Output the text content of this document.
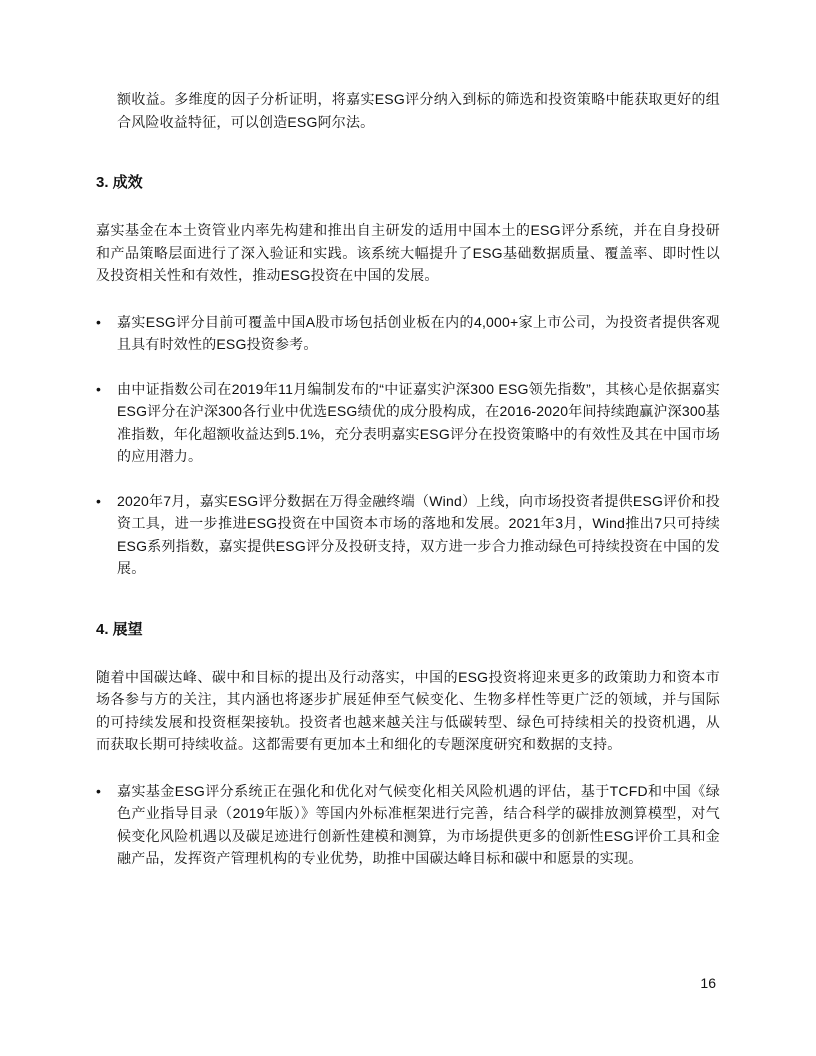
额收益。多维度的因子分析证明，将嘉实ESG评分纳入到标的筛选和投资策略中能获取更好的组合风险收益特征，可以创造ESG阿尔法。

3. 成效

嘉实基金在本土资管业内率先构建和推出自主研发的适用中国本土的ESG评分系统，并在自身投研和产品策略层面进行了深入验证和实践。该系统大幅提升了ESG基础数据质量、覆盖率、即时性以及投资相关性和有效性，推动ESG投资在中国的发展。

•	嘉实ESG评分目前可覆盖中国A股市场包括创业板在内的4,000+家上市公司，为投资者提供客观且具有时效性的ESG投资参考。
•	由中证指数公司在2019年11月编制发布的“中证嘉实沪深300 ESG领先指数”，其核心是依据嘉实ESG评分在沪深300各行业中优选ESG绩优的成分股构成，在2016-2020年间持续跑赢沪深300基准指数，年化超额收益达到5.1%，充分表明嘉实ESG评分在投资策略中的有效性及其在中国市场的应用潜力。
•	2020年7月，嘉实ESG评分数据在万得金融终端（Wind）上线，向市场投资者提供ESG评价和投资工具，进一步推进ESG投资在中国资本市场的落地和发展。2021年3月，Wind推出7只可持续ESG系列指数，嘉实提供ESG评分及投研支持，双方进一步合力推动绿色可持续投资在中国的发展。
4. 展望

随着中国碳达峰、碳中和目标的提出及行动落实，中国的ESG投资将迎来更多的政策助力和资本市场各参与方的关注，其内涵也将逐步扩展延伸至气候变化、生物多样性等更广泛的领域，并与国际的可持续发展和投资框架接轨。投资者也越来越关注与低碳转型、绿色可持续相关的投资机遇，从而获取长期可持续收益。这都需要有更加本土和细化的专题深度研究和数据的支持。

•	嘉实基金ESG评分系统正在强化和优化对气候变化相关风险机遇的评估，基于TCFD和中国《绿色产业指导目录（2019年版）》等国内外标准框架进行完善，结合科学的碳排放测算模型，对气候变化风险机遇以及碳足迹进行创新性建模和测算，为市场提供更多的创新性ESG评价工具和金融产品，发挥资产管理机构的专业优势，助推中国碳达峰目标和碳中和愿景的实现。
16
